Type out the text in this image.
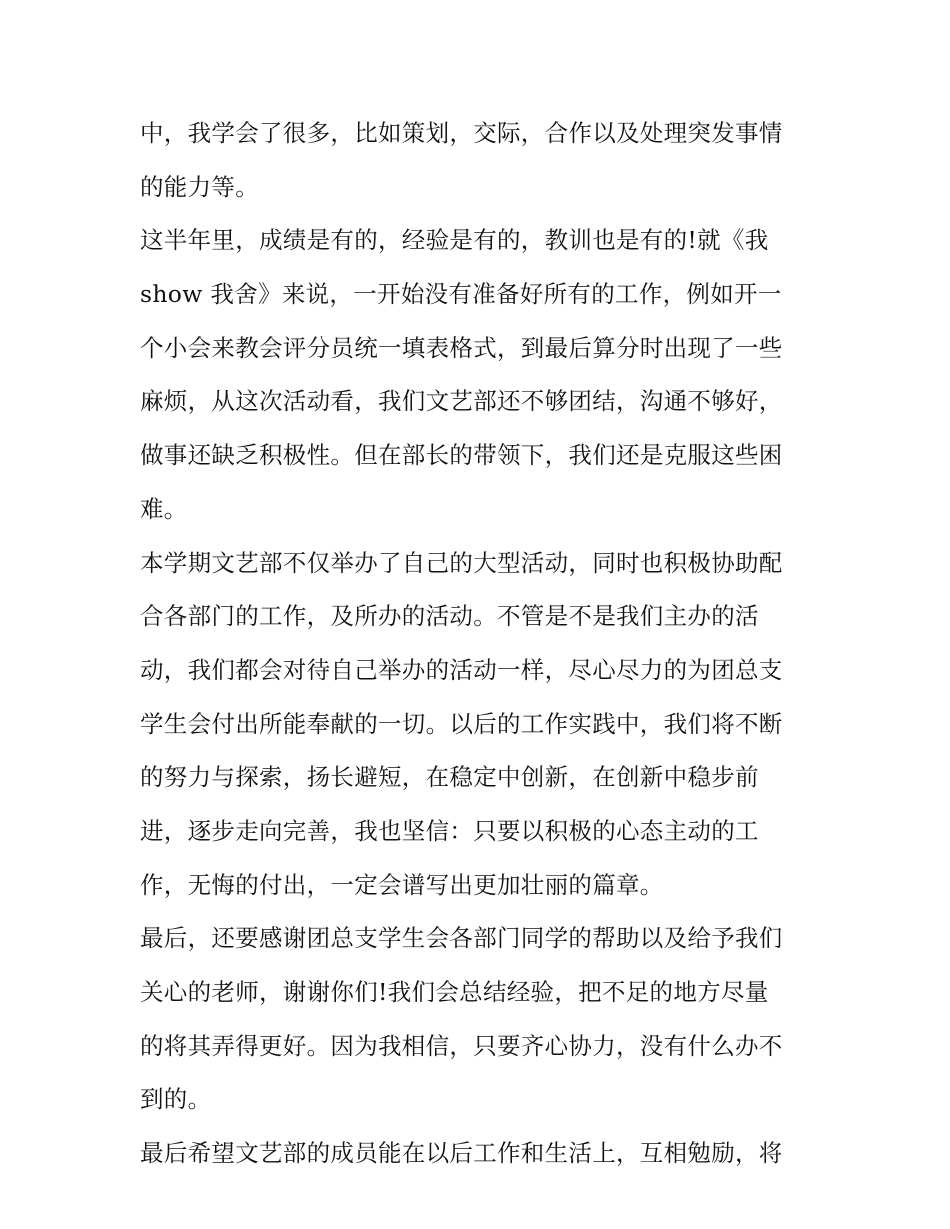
中，我学会了很多，比如策划，交际，合作以及处理突发事情
的能力等。
这半年里，成绩是有的，经验是有的，教训也是有的!就《我
show 我舍》来说，一开始没有准备好所有的工作，例如开一
个小会来教会评分员统一填表格式，到最后算分时出现了一些
麻烦，从这次活动看，我们文艺部还不够团结，沟通不够好，
做事还缺乏积极性。但在部长的带领下，我们还是克服这些困
难。
本学期文艺部不仅举办了自己的大型活动，同时也积极协助配
合各部门的工作，及所办的活动。不管是不是我们主办的活
动，我们都会对待自己举办的活动一样，尽心尽力的为团总支
学生会付出所能奉献的一切。以后的工作实践中，我们将不断
的努力与探索，扬长避短，在稳定中创新，在创新中稳步前
进，逐步走向完善，我也坚信：只要以积极的心态主动的工
作，无悔的付出，一定会谱写出更加壮丽的篇章。
最后，还要感谢团总支学生会各部门同学的帮助以及给予我们
关心的老师，谢谢你们!我们会总结经验，把不足的地方尽量
的将其弄得更好。因为我相信，只要齐心协力，没有什么办不
到的。
最后希望文艺部的成员能在以后工作和生活上，互相勉励，将
